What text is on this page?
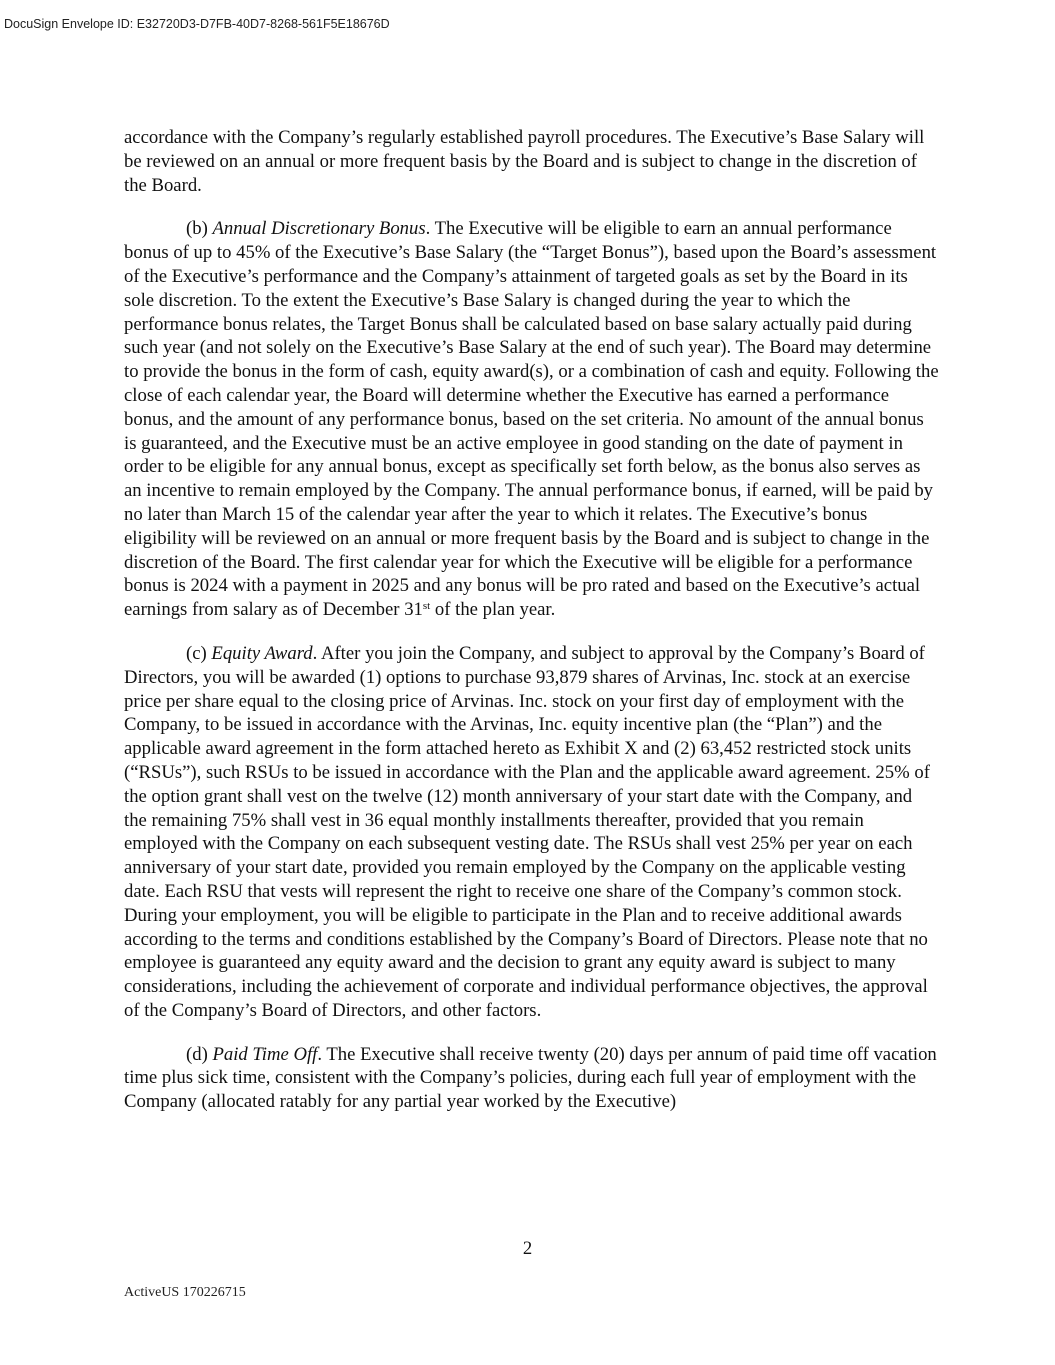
DocuSign Envelope ID: E32720D3-D7FB-40D7-8268-561F5E18676D

accordance with the Company’s regularly established payroll procedures. The Executive’s Base Salary will be reviewed on an annual or more frequent basis by the Board and is subject to change in the discretion of the Board.

(b) Annual Discretionary Bonus. The Executive will be eligible to earn an annual performance bonus of up to 45% of the Executive’s Base Salary (the “Target Bonus”), based upon the Board’s assessment of the Executive’s performance and the Company’s attainment of targeted goals as set by the Board in its sole discretion. To the extent the Executive’s Base Salary is changed during the year to which the performance bonus relates, the Target Bonus shall be calculated based on base salary actually paid during such year (and not solely on the Executive’s Base Salary at the end of such year). The Board may determine to provide the bonus in the form of cash, equity award(s), or a combination of cash and equity. Following the close of each calendar year, the Board will determine whether the Executive has earned a performance bonus, and the amount of any performance bonus, based on the set criteria. No amount of the annual bonus is guaranteed, and the Executive must be an active employee in good standing on the date of payment in order to be eligible for any annual bonus, except as specifically set forth below, as the bonus also serves as an incentive to remain employed by the Company. The annual performance bonus, if earned, will be paid by no later than March 15 of the calendar year after the year to which it relates. The Executive’s bonus eligibility will be reviewed on an annual or more frequent basis by the Board and is subject to change in the discretion of the Board. The first calendar year for which the Executive will be eligible for a performance bonus is 2024 with a payment in 2025 and any bonus will be pro rated and based on the Executive’s actual earnings from salary as of December 31st of the plan year.

(c) Equity Award. After you join the Company, and subject to approval by the Company’s Board of Directors, you will be awarded (1) options to purchase 93,879 shares of Arvinas, Inc. stock at an exercise price per share equal to the closing price of Arvinas. Inc. stock on your first day of employment with the Company, to be issued in accordance with the Arvinas, Inc. equity incentive plan (the “Plan”) and the applicable award agreement in the form attached hereto as Exhibit X and (2) 63,452 restricted stock units (“RSUs”), such RSUs to be issued in accordance with the Plan and the applicable award agreement. 25% of the option grant shall vest on the twelve (12) month anniversary of your start date with the Company, and the remaining 75% shall vest in 36 equal monthly installments thereafter, provided that you remain employed with the Company on each subsequent vesting date. The RSUs shall vest 25% per year on each anniversary of your start date, provided you remain employed by the Company on the applicable vesting date. Each RSU that vests will represent the right to receive one share of the Company’s common stock. During your employment, you will be eligible to participate in the Plan and to receive additional awards according to the terms and conditions established by the Company’s Board of Directors. Please note that no employee is guaranteed any equity award and the decision to grant any equity award is subject to many considerations, including the achievement of corporate and individual performance objectives, the approval of the Company’s Board of Directors, and other factors.

(d) Paid Time Off. The Executive shall receive twenty (20) days per annum of paid time off vacation time plus sick time, consistent with the Company’s policies, during each full year of employment with the Company (allocated ratably for any partial year worked by the Executive)

2
ActiveUS 170226715
